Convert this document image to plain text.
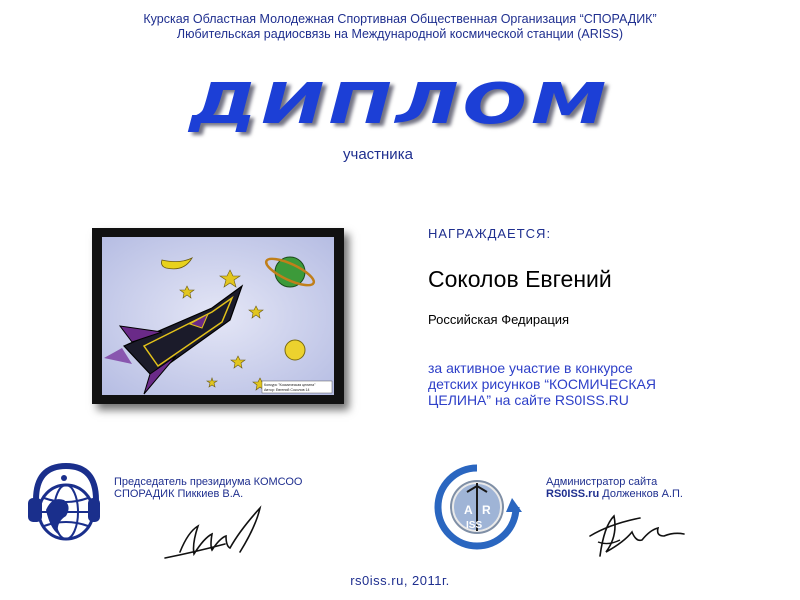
Курская Областная Молодежная Спортивная Общественная Организация “СПОРАДИК”
Любительская радиосвязь на Международной космической станции (ARISS)
ДИПЛОМ
участника
Конкурс "Космическая целина"
Автор: Евгений Соколов 14
НАГРАЖДАЕТСЯ:
Соколов Евгений
Российская Федирация
за активное участие в конкурсе
детских рисунков “КОСМИЧЕСКАЯ
ЦЕЛИНА” на сайте RS0ISS.RU
Председатель президиума КОМСОО
СПОРАДИК Пиккиев В.А.
A R
ISS
Администратор сайта
RS0ISS.ru Долженков А.П.
rs0iss.ru, 2011г.
